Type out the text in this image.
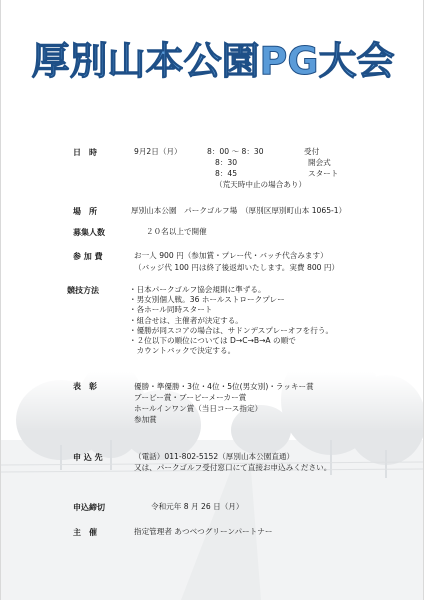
厚別山本公園PG大会
日　時	9月2日（月）	8：00 ～ 8：30	受付
8：30	開会式
8：45	スタート
（荒天時中止の場合あり）
場　所	厚別山本公園　パークゴルフ場　（厚別区厚別町山本 1065-1）
募集人数	２０名以上で開催
参 加 費	お一人 900 円（参加賞・プレー代・バッチ代含みます）
（バッジ代 100 円は終了後返却いたします。実費 800 円）
競技方法	・日本パークゴルフ協会規則に準ずる。
・男女別個人戦。36 ホールストロークプレー
・各ホール同時スタート
・組合せは、主催者が決定する。
・優勝が同スコアの場合は、サドンデスプレーオフを行う。
・２位以下の順位については D→C→B→A の順で
　カウントバックで決定する。
表　彰	優勝・準優勝・3位・4位・5位(男女別)・ラッキー賞
ブービー賞・ブービーメーカー賞
ホールインワン賞（当日コース指定）
参加賞
申 込 先	（電話）011-802-5152（厚別山本公園直通）
又は、パークゴルフ受付窓口にて直接お申込みください。
申込締切	令和元年 8 月 26 日（月）
主　催	指定管理者 あつべつグリーンパートナー
